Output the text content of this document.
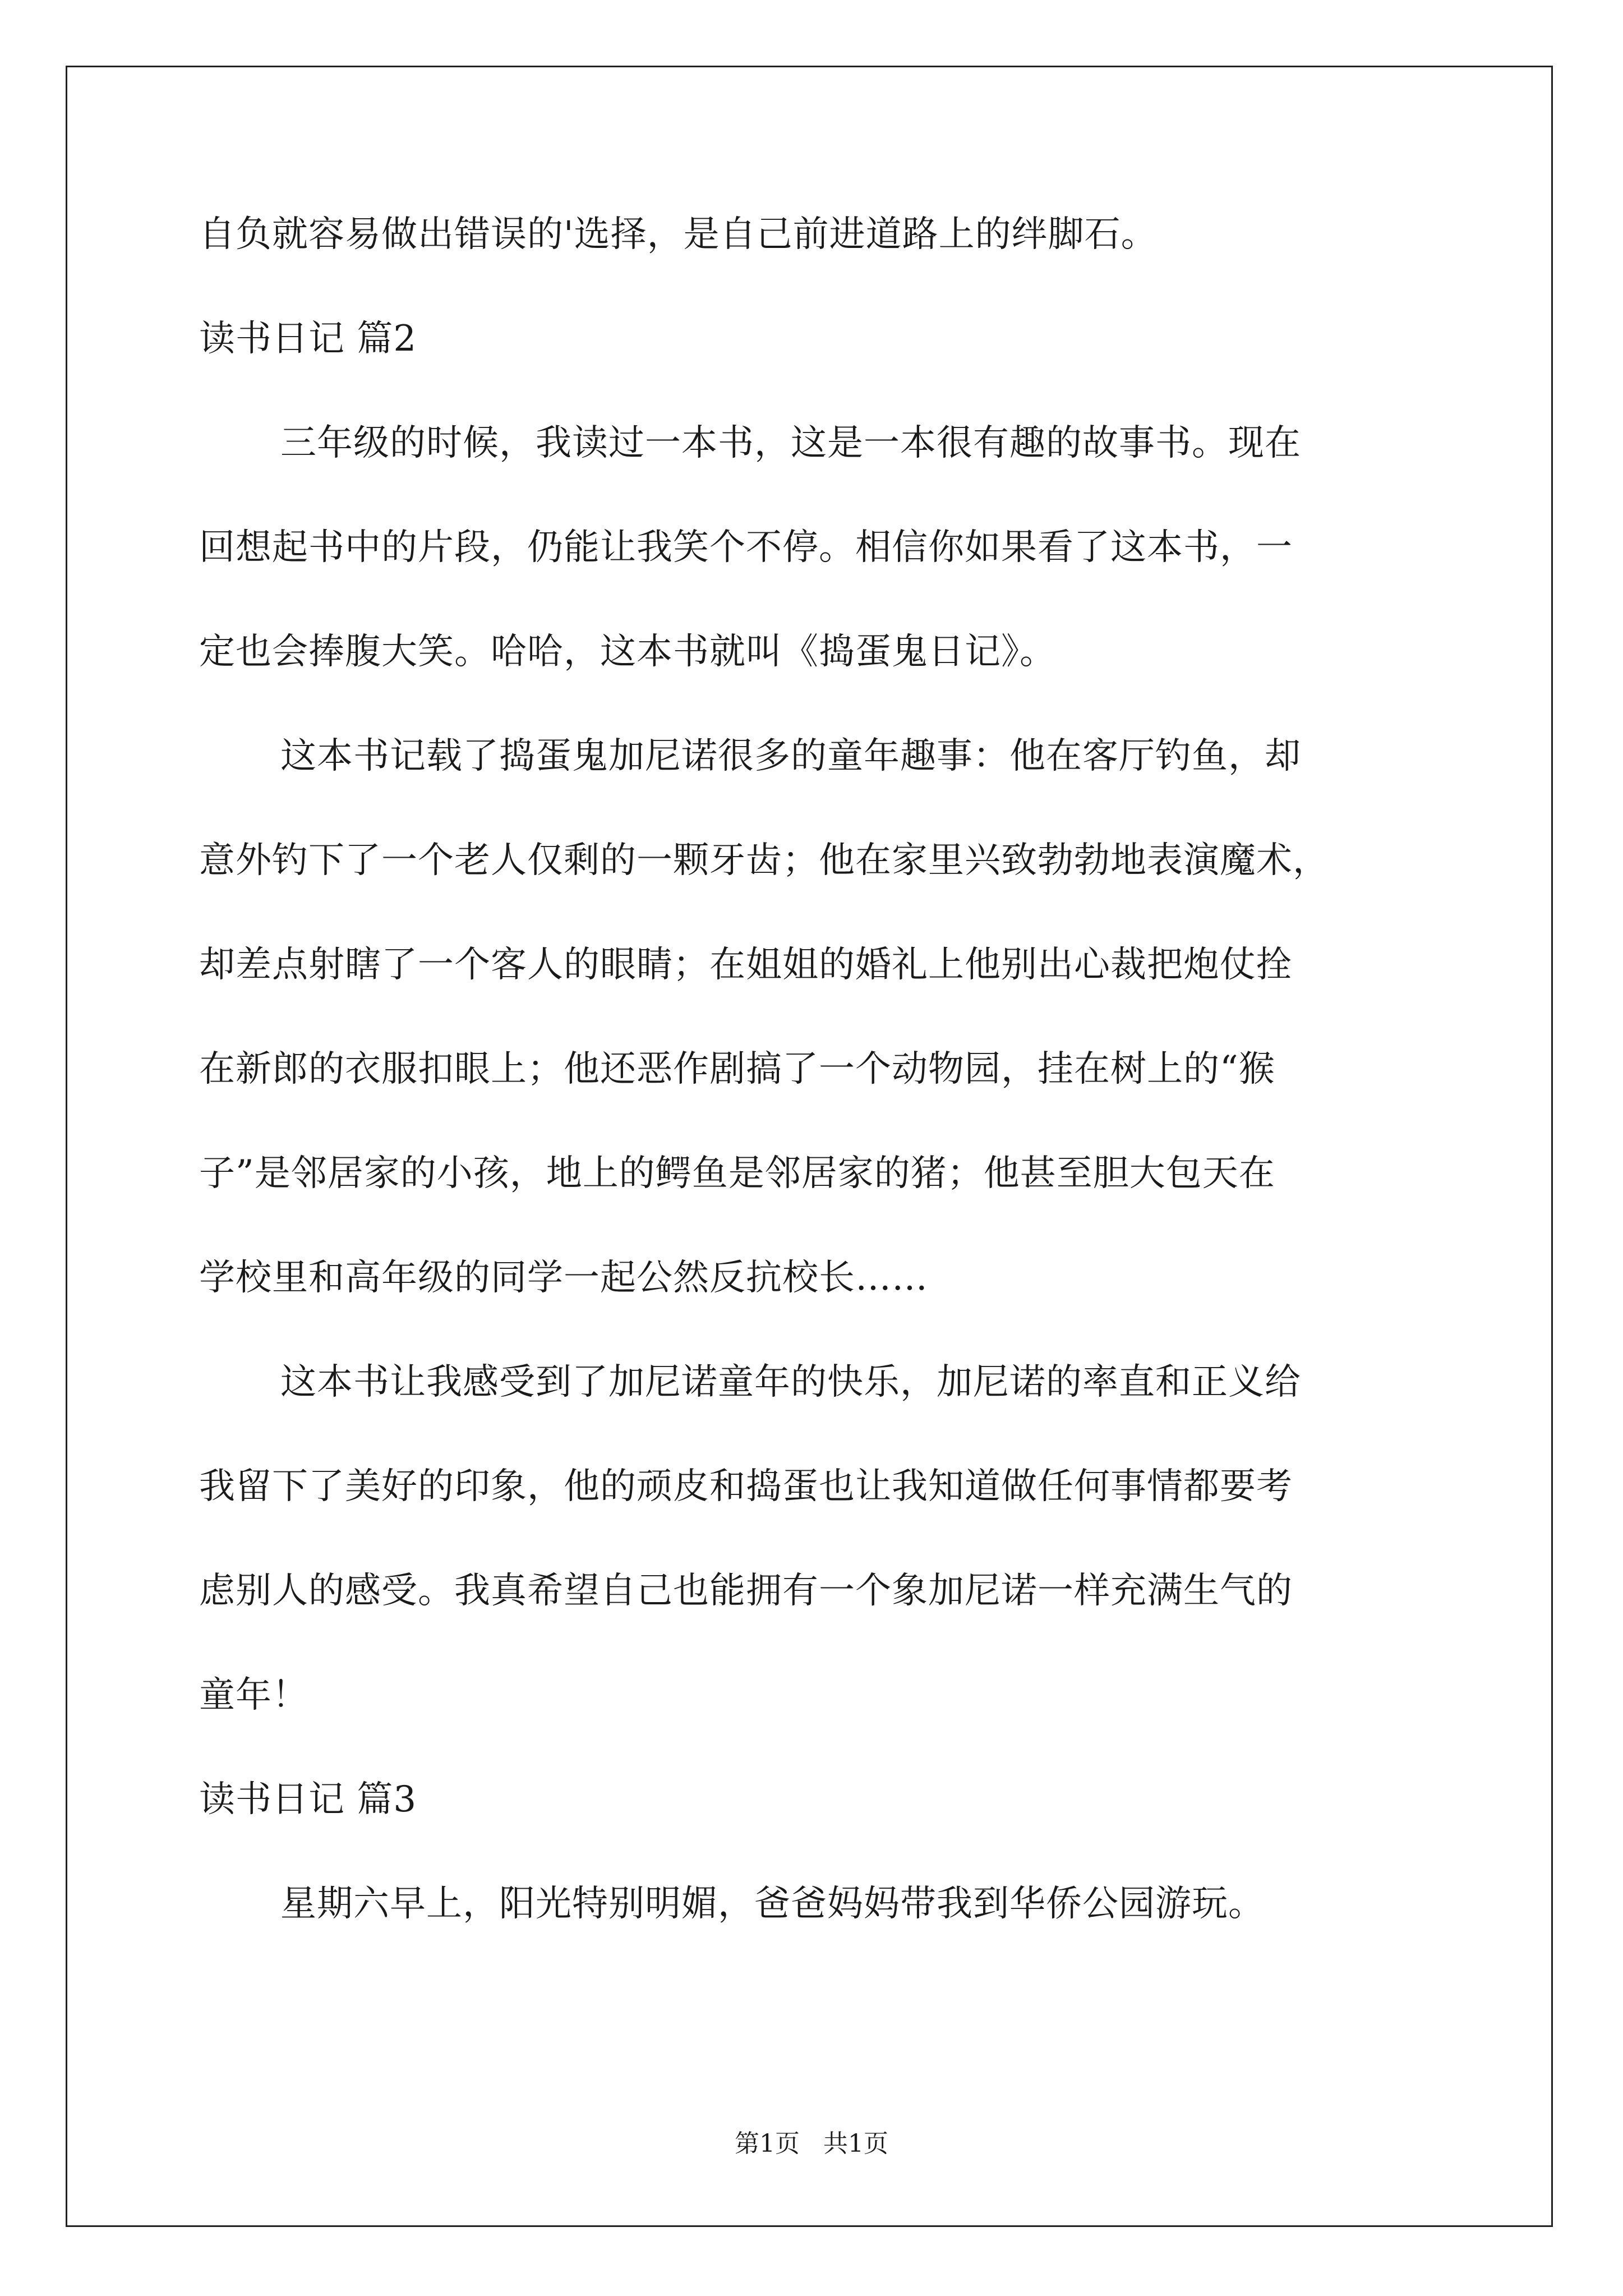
自负就容易做出错误的'选择，是自己前进道路上的绊脚石。
读书日记 篇2
三年级的时候，我读过一本书，这是一本很有趣的故事书。现在
回想起书中的片段，仍能让我笑个不停。相信你如果看了这本书，一
定也会捧腹大笑。哈哈，这本书就叫《捣蛋鬼日记》。
这本书记载了捣蛋鬼加尼诺很多的童年趣事：他在客厅钓鱼，却
意外钓下了一个老人仅剩的一颗牙齿；他在家里兴致勃勃地表演魔术，
却差点射瞎了一个客人的眼睛；在姐姐的婚礼上他别出心裁把炮仗拴
在新郎的衣服扣眼上；他还恶作剧搞了一个动物园，挂在树上的“猴
子”是邻居家的小孩，地上的鳄鱼是邻居家的猪；他甚至胆大包天在
学校里和高年级的同学一起公然反抗校长……
这本书让我感受到了加尼诺童年的快乐，加尼诺的率直和正义给
我留下了美好的印象，他的顽皮和捣蛋也让我知道做任何事情都要考
虑别人的感受。我真希望自己也能拥有一个象加尼诺一样充满生气的
童年！
读书日记 篇3
星期六早上，阳光特别明媚，爸爸妈妈带我到华侨公园游玩。
第1页   共1页
